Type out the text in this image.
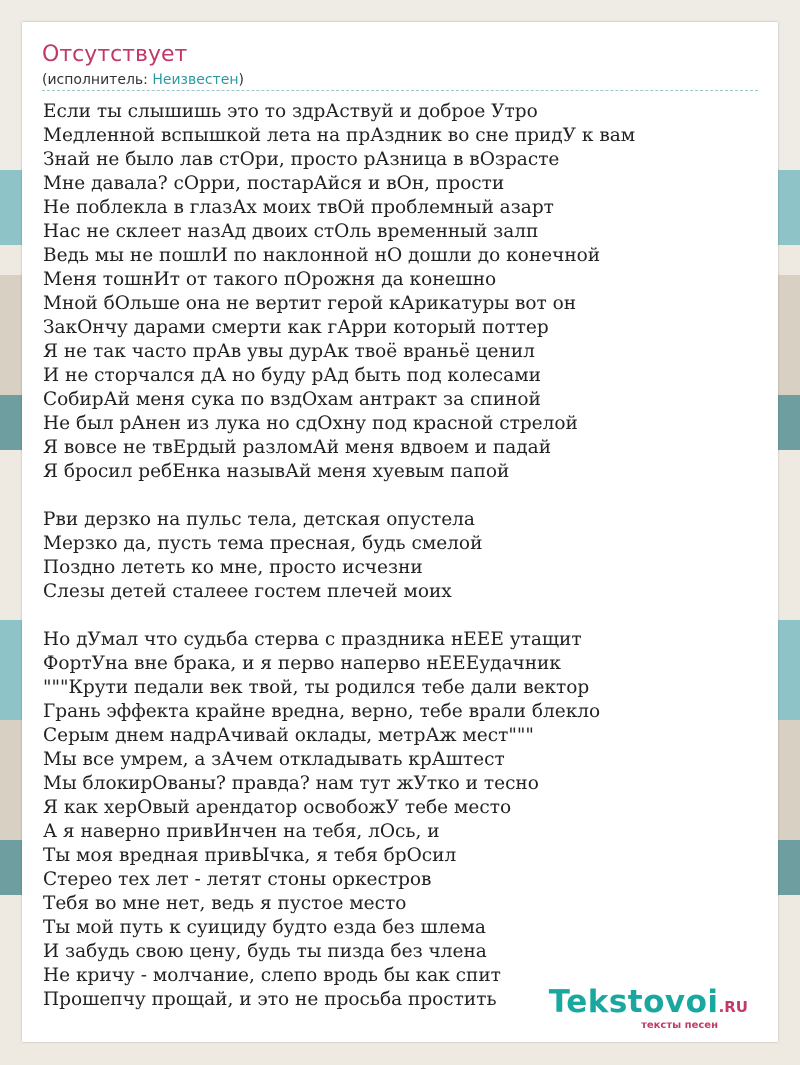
Отсутствует
(исполнитель: Неизвестен)
Если ты слышишь это то здрАствуй и доброе Утро
Медленной вспышкой лета на прАздник во сне придУ к вам
Знай не было лав стОри, просто рАзница в вОзрасте
Мне давала? сОрри, постарАйся и вОн, прости
Не поблекла в глазАх моих твОй проблемный азарт
Нас не склеет назАд двоих стОль временный залп
Ведь мы не пошлИ по наклонной нО дошли до конечной
Меня тошнИт от такого пОрожня да конешно
Мной бОльше она не вертит герой кАрикатуры вот он
ЗакОнчу дарами смерти как гАрри который поттер
Я не так часто прАв увы дурАк твоё враньё ценил
И не сторчался дА но буду рАд быть под колесами
СобирАй меня сука по вздОхам антракт за спиной
Не был рАнен из лука но сдОхну под красной стрелой
Я вовсе не твЕрдый разломАй меня вдвоем и падай
Я бросил ребЕнка назывАй меня хуевым папой
Рви дерзко на пульс тела, детская опустела
Мерзко да, пусть тема пресная, будь смелой
Поздно лететь ко мне, просто исчезни
Слезы детей сталеее гостем плечей моих
Но дУмал что судьба стерва с праздника нЕЕЕ утащит
ФортУна вне брака, и я перво наперво нЕЕЕудачник
"""Крути педали век твой, ты родился тебе дали вектор
Грань эффекта крайне вредна, верно, тебе врали блекло
Серым днем надрАчивай оклады, метрАж мест"""
Мы все умрем, а зАчем откладывать крАштест
Мы блокирОваны? правда? нам тут жУтко и тесно
Я как херОвый арендатор освобожУ тебе место
А я наверно привИнчен на тебя, лОсь, и
Ты моя вредная привЫчка, я тебя брОсил
Стерео тех лет - летят стоны оркестров
Тебя во мне нет, ведь я пустое место
Ты мой путь к суициду будто езда без шлема
И забудь свою цену, будь ты пизда без члена
Не кричу - молчание, слепо вродь бы как спит
Прошепчу прощай, и это не просьба простить	Tekstovoi.RU
тексты песен
